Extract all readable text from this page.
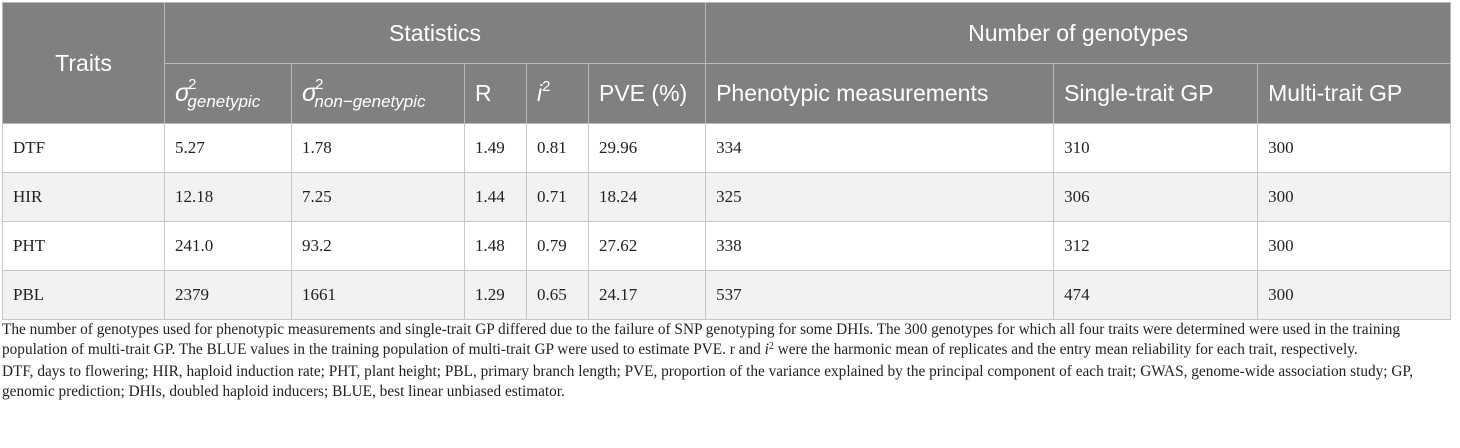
Traits	Statistics					Number of genotypes		
	$\sigma^2_{genetypic}$	$\sigma^2_{non-genetypic}$	R	$i^2$	PVE (%)	Phenotypic measurements	Single-trait GP	Multi-trait GP
DTF	5.27	1.78	1.49	0.81	29.96	334	310	300
HIR	12.18	7.25	1.44	0.71	18.24	325	306	300
PHT	241.0	93.2	1.48	0.79	27.62	338	312	300
PBL	2379	1661	1.29	0.65	24.17	537	474	300

The number of genotypes used for phenotypic measurements and single-trait GP differed due to the failure of SNP genotyping for some DHIs. The 300 genotypes for which all four traits were determined were used in the training population of multi-trait GP. The BLUE values in the training population of multi-trait GP were used to estimate PVE. r and $i^2$ were the harmonic mean of replicates and the entry mean reliability for each trait, respectively.

DTF, days to flowering; HIR, haploid induction rate; PHT, plant height; PBL, primary branch length; PVE, proportion of the variance explained by the principal component of each trait; GWAS, genome-wide association study; GP, genomic prediction; DHIs, doubled haploid inducers; BLUE, best linear unbiased estimator.
